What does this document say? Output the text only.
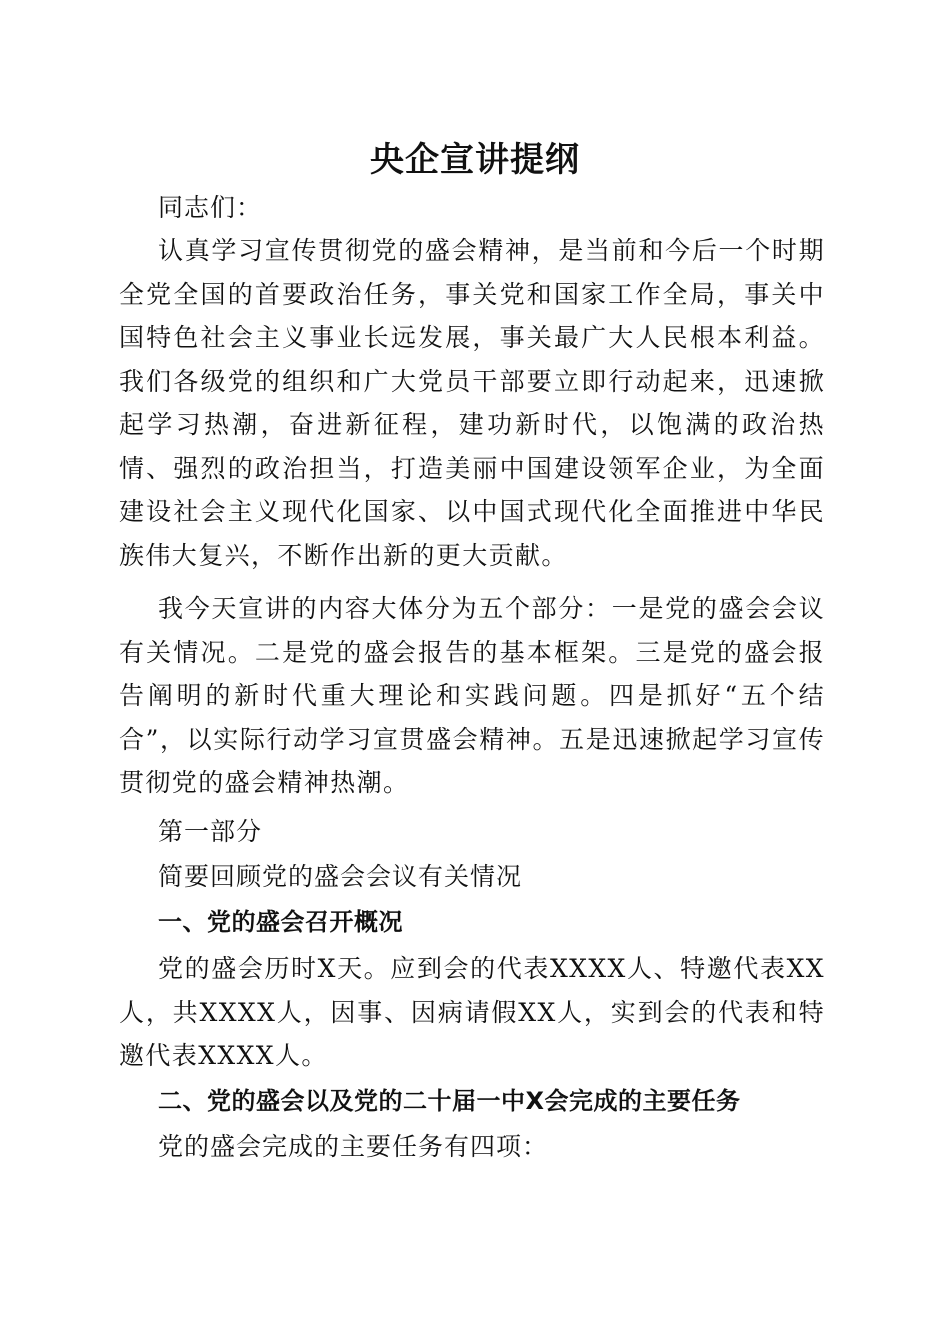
央企宣讲提纲

同志们：

认真学习宣传贯彻党的盛会精神，是当前和今后一个时期全党全国的首要政治任务，事关党和国家工作全局，事关中国特色社会主义事业长远发展，事关最广大人民根本利益。我们各级党的组织和广大党员干部要立即行动起来，迅速掀起学习热潮，奋进新征程，建功新时代，以饱满的政治热情、强烈的政治担当，打造美丽中国建设领军企业，为全面建设社会主义现代化国家、以中国式现代化全面推进中华民族伟大复兴，不断作出新的更大贡献。

我今天宣讲的内容大体分为五个部分：一是党的盛会会议有关情况。二是党的盛会报告的基本框架。三是党的盛会报告阐明的新时代重大理论和实践问题。四是抓好“五个结合”，以实际行动学习宣贯盛会精神。五是迅速掀起学习宣传贯彻党的盛会精神热潮。

第一部分

简要回顾党的盛会会议有关情况

一、党的盛会召开概况

党的盛会历时X天。应到会的代表XXXX人、特邀代表XX人，共XXXX人，因事、因病请假XX人，实到会的代表和特邀代表XXXX人。

二、党的盛会以及党的二十届一中X会完成的主要任务

党的盛会完成的主要任务有四项：
